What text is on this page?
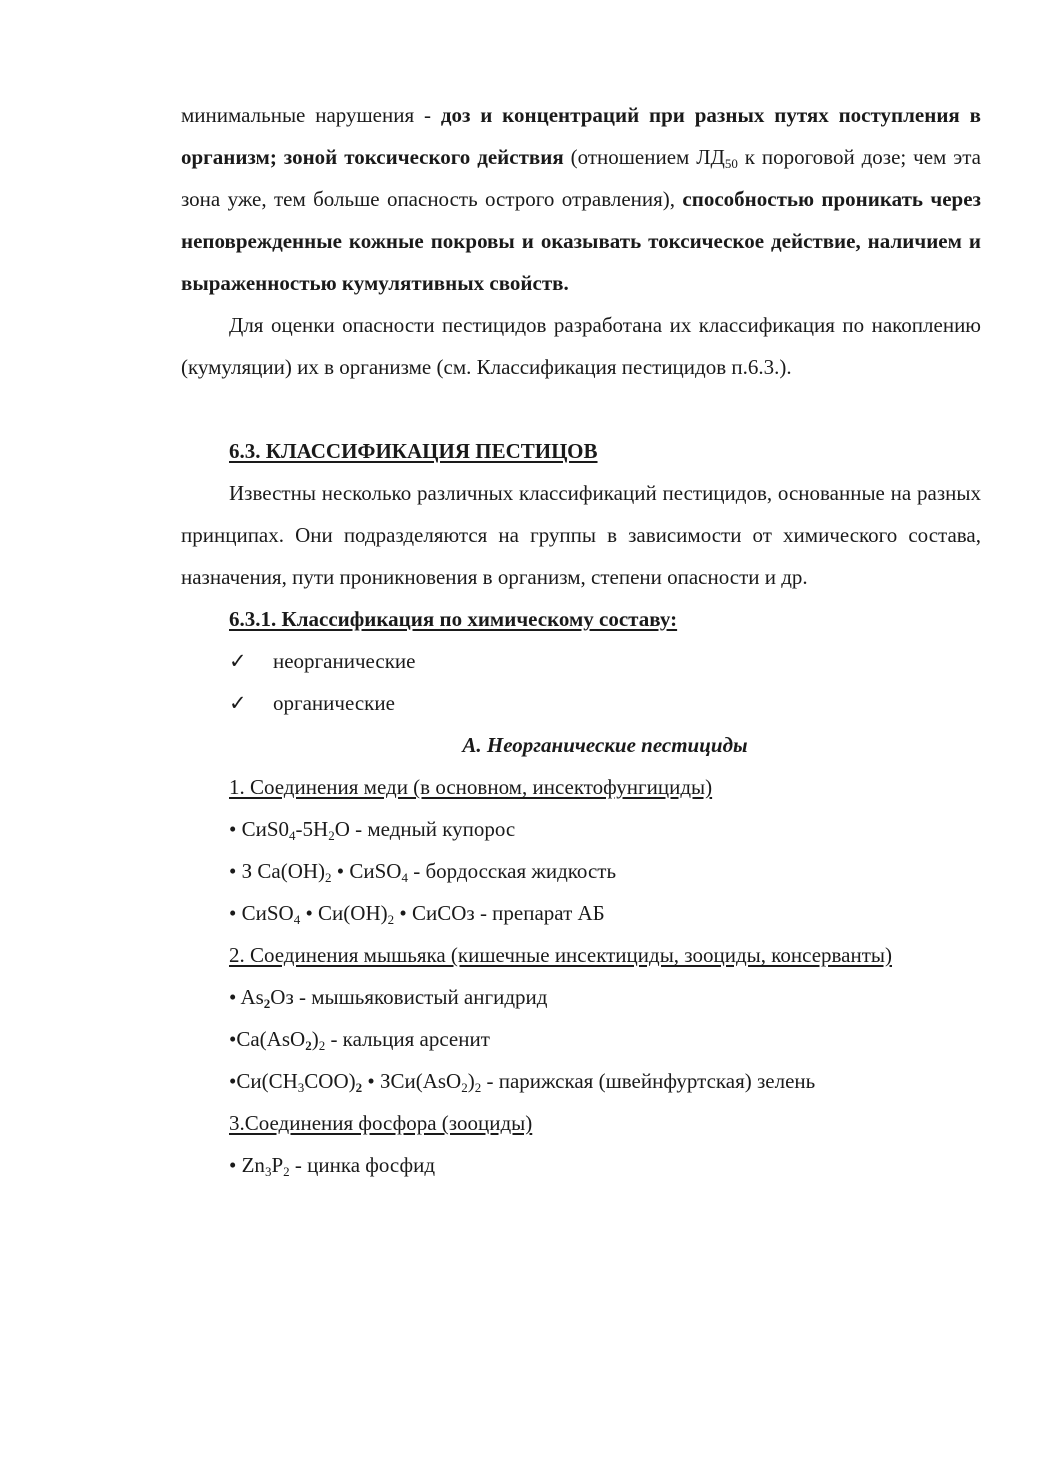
минимальные нарушения - доз и концентраций при разных путях поступления в организм; зоной токсического действия (отношением $ЛД_{50}$ к пороговой дозе; чем эта зона уже, тем больше опасность острого отравления), способностью проникать через неповрежденные кожные покровы и оказывать токсическое действие, наличием и выраженностью кумулятивных свойств.

Для оценки опасности пестицидов разработана их классификация по накоплению (кумуляции) их в организме (см. Классификация пестицидов п.6.3.).

6.3. КЛАССИФИКАЦИЯ ПЕСТИЦОВ

Известны несколько различных классификаций пестицидов, основанные на разных принципах. Они подразделяются на группы в зависимости от химического состава, назначения, пути проникновения в организм, степени опасности и др.

6.3.1. Классификация по химическому составу:

✓	неорганические
✓	органические

А. Неорганические пестициды

1. Соединения меди (в основном, инсектофунгициды)

• $CиS0_4-5H_2O$ - медный купорос

• З $Са(ОН)_2$ • CиSO$_4$ - бордосская жидкость

• CиSO$_4$ • $Cи(OH)_2$ • CиCOз - препарат АБ

2. Соединения мышьяка (кишечные инсектициды, зооциды, консерванты)

• $As_2Oз$ - мышьяковистый ангидрид

$•Ca(AsO_2)_2$ - кальция арсенит

$•Cи(CH_3COO)_2$ • $ЗCи(AsO_2)_2$ - парижская (швейнфуртская) зелень

3.Соединения фосфора (зооциды)

• $Zn_3P_2$ - цинка фосфид
